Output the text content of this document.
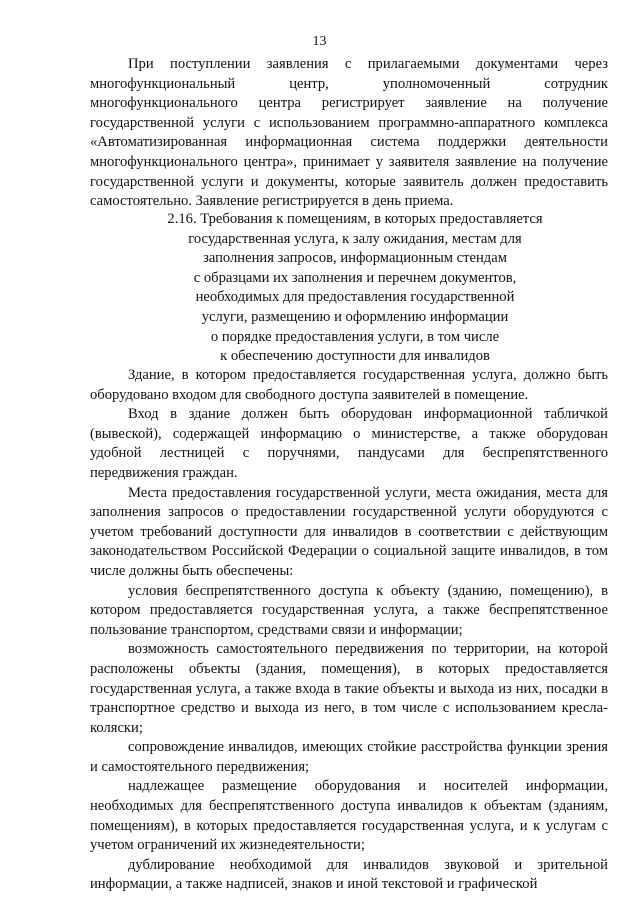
13

При поступлении заявления с прилагаемыми документами через многофункциональный центр, уполномоченный сотрудник многофункционального центра регистрирует заявление на получение государственной услуги с использованием программно-аппаратного комплекса «Автоматизированная информационная система поддержки деятельности многофункционального центра», принимает у заявителя заявление на получение государственной услуги и документы, которые заявитель должен предоставить самостоятельно. Заявление регистрируется в день приема.

2.16. Требования к помещениям, в которых предоставляется
государственная услуга, к залу ожидания, местам для
заполнения запросов, информационным стендам
с образцами их заполнения и перечнем документов,
необходимых для предоставления государственной
услуги, размещению и оформлению информации
о порядке предоставления услуги, в том числе
к обеспечению доступности для инвалидов

Здание, в котором предоставляется государственная услуга, должно быть оборудовано входом для свободного доступа заявителей в помещение.

Вход в здание должен быть оборудован информационной табличкой (вывеской), содержащей информацию о министерстве, а также оборудован удобной лестницей с поручнями, пандусами для беспрепятственного передвижения граждан.

Места предоставления государственной услуги, места ожидания, места для заполнения запросов о предоставлении государственной услуги оборудуются с учетом требований доступности для инвалидов в соответствии с действующим законодательством Российской Федерации о социальной защите инвалидов, в том числе должны быть обеспечены:

условия беспрепятственного доступа к объекту (зданию, помещению), в котором предоставляется государственная услуга, а также беспрепятственное пользование транспортом, средствами связи и информации;

возможность самостоятельного передвижения по территории, на которой расположены объекты (здания, помещения), в которых предоставляется государственная услуга, а также входа в такие объекты и выхода из них, посадки в транспортное средство и выхода из него, в том числе с использованием кресла-коляски;

сопровождение инвалидов, имеющих стойкие расстройства функции зрения и самостоятельного передвижения;

надлежащее размещение оборудования и носителей информации, необходимых для беспрепятственного доступа инвалидов к объектам (зданиям, помещениям), в которых предоставляется государственная услуга, и к услугам с учетом ограничений их жизнедеятельности;

дублирование необходимой для инвалидов звуковой и зрительной информации, а также надписей, знаков и иной текстовой и графической
